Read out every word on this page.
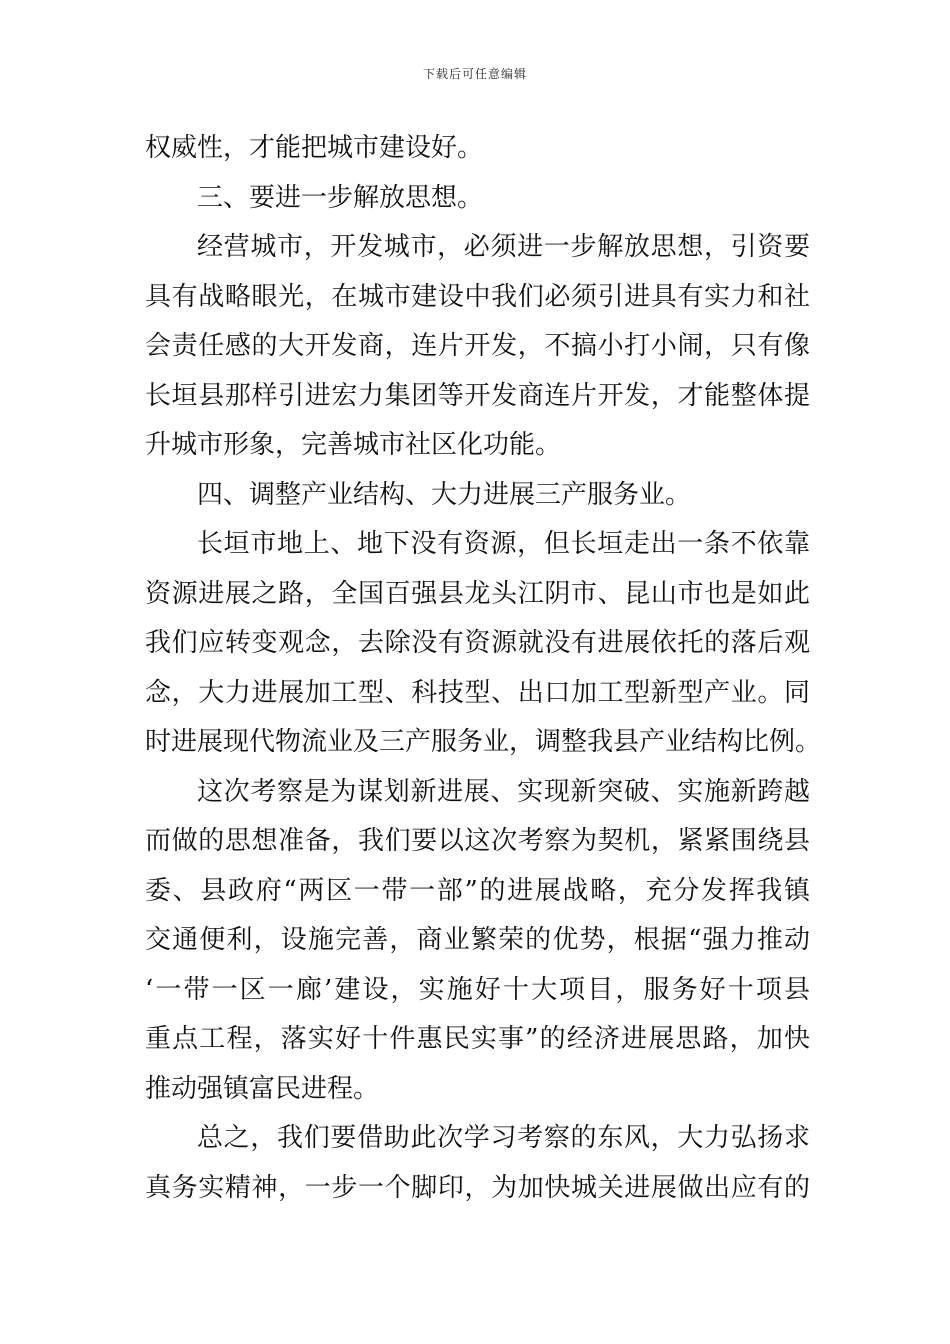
下载后可任意编辑
权威性，才能把城市建设好。
三、要进一步解放思想。
经营城市，开发城市，必须进一步解放思想，引资要
具有战略眼光，在城市建设中我们必须引进具有实力和社
会责任感的大开发商，连片开发，不搞小打小闹，只有像
长垣县那样引进宏力集团等开发商连片开发，才能整体提
升城市形象，完善城市社区化功能。
四、调整产业结构、大力进展三产服务业。
长垣市地上、地下没有资源，但长垣走出一条不依靠
资源进展之路，全国百强县龙头江阴市、昆山市也是如此
我们应转变观念，去除没有资源就没有进展依托的落后观
念，大力进展加工型、科技型、出口加工型新型产业。同
时进展现代物流业及三产服务业，调整我县产业结构比例。
这次考察是为谋划新进展、实现新突破、实施新跨越
而做的思想准备，我们要以这次考察为契机，紧紧围绕县
委、县政府“两区一带一部”的进展战略，充分发挥我镇
交通便利，设施完善，商业繁荣的优势，根据“强力推动
‘一带一区一廊’建设，实施好十大项目，服务好十项县
重点工程，落实好十件惠民实事”的经济进展思路，加快
推动强镇富民进程。
总之，我们要借助此次学习考察的东风，大力弘扬求
真务实精神，一步一个脚印，为加快城关进展做出应有的
